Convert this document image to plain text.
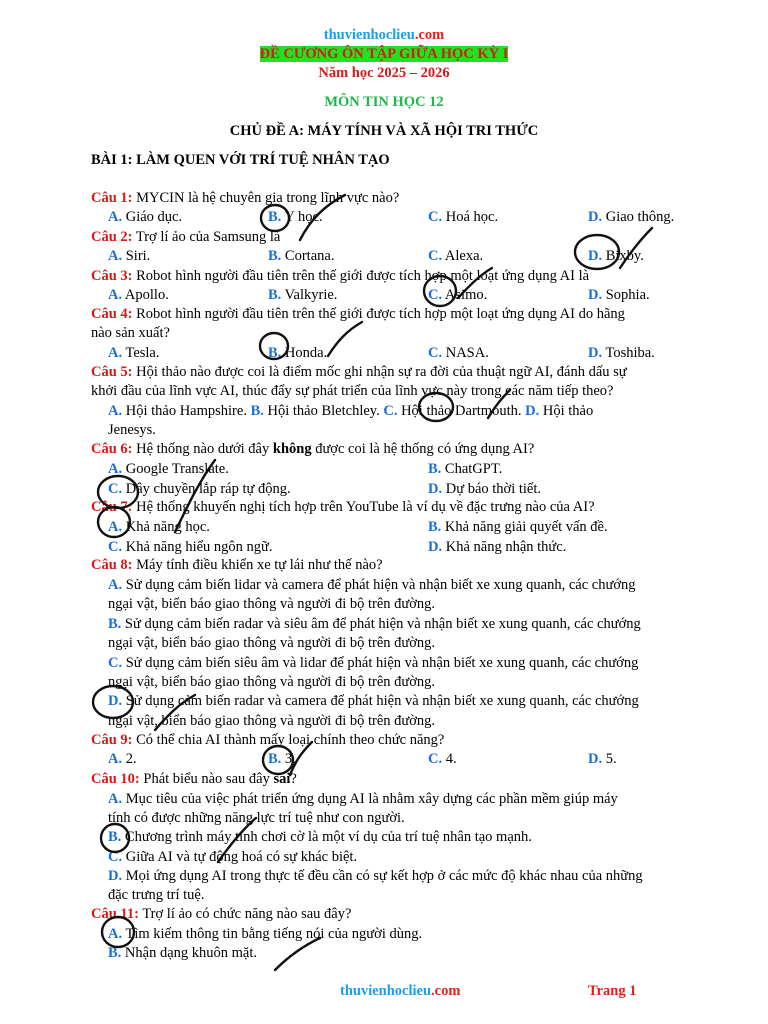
thuvienhoclieu.com
ĐỀ CƯƠNG ÔN TẬP GIỮA HỌC KỲ I
Năm học 2025 – 2026
MÔN TIN HỌC 12
CHỦ ĐỀ A: MÁY TÍNH VÀ XÃ HỘI TRI THỨC
BÀI 1: LÀM QUEN VỚI TRÍ TUỆ NHÂN TẠO
Câu 1: MYCIN là hệ chuyên gia trong lĩnh vực nào?
A. Giáo dục.	B. Y học.	C. Hoá học.	D. Giao thông.
Câu 2: Trợ lí ảo của Samsung là
A. Siri.	B. Cortana.	C. Alexa.	D. Bixby.
Câu 3: Robot hình người đầu tiên trên thế giới được tích hợp một loạt ứng dụng AI là
A. Apollo.	B. Valkyrie.	C. Asimo.	D. Sophia.
Câu 4: Robot hình người đầu tiên trên thế giới được tích hợp một loạt ứng dụng AI do hãng
nào sản xuất?
A. Tesla.	B. Honda.	C. NASA.	D. Toshiba.
Câu 5: Hội thảo nào được coi là điểm mốc ghi nhận sự ra đời của thuật ngữ AI, đánh dấu sự
khởi đầu của lĩnh vực AI, thúc đẩy sự phát triển của lĩnh vực này trong các năm tiếp theo?
A. Hội thảo Hampshire. B. Hội thảo Bletchley. C. Hội thảo Dartmouth. D. Hội thảo
Jenesys.
Câu 6: Hệ thống nào dưới đây không được coi là hệ thống có ứng dụng AI?
A. Google Translate.	B. ChatGPT.
C. Dây chuyền lắp ráp tự động.	D. Dự báo thời tiết.
Câu 7: Hệ thống khuyến nghị tích hợp trên YouTube là ví dụ về đặc trưng nào của AI?
A. Khả năng học.	B. Khả năng giải quyết vấn đề.
C. Khả năng hiểu ngôn ngữ.	D. Khả năng nhận thức.
Câu 8: Máy tính điều khiển xe tự lái như thế nào?
A. Sử dụng cảm biến lidar và camera để phát hiện và nhận biết xe xung quanh, các chướng
ngại vật, biển báo giao thông và người đi bộ trên đường.
B. Sử dụng cảm biến radar và siêu âm để phát hiện và nhận biết xe xung quanh, các chướng
ngại vật, biển báo giao thông và người đi bộ trên đường.
C. Sử dụng cảm biến siêu âm và lidar để phát hiện và nhận biết xe xung quanh, các chướng
ngại vật, biển báo giao thông và người đi bộ trên đường.
D. Sử dụng cảm biến radar và camera để phát hiện và nhận biết xe xung quanh, các chướng
ngại vật, biển báo giao thông và người đi bộ trên đường.
Câu 9: Có thể chia AI thành mấy loại chính theo chức năng?
A. 2.	B. 3.	C. 4.	D. 5.
Câu 10: Phát biểu nào sau đây sai?
A. Mục tiêu của việc phát triển ứng dụng AI là nhằm xây dựng các phần mềm giúp máy
tính có được những năng lực trí tuệ như con người.
B. Chương trình máy tính chơi cờ là một ví dụ của trí tuệ nhân tạo mạnh.
C. Giữa AI và tự động hoá có sự khác biệt.
D. Mọi ứng dụng AI trong thực tế đều cần có sự kết hợp ở các mức độ khác nhau của những
đặc trưng trí tuệ.
Câu 11: Trợ lí ảo có chức năng nào sau đây?
A. Tìm kiếm thông tin bằng tiếng nói của người dùng.
B. Nhận dạng khuôn mặt.
thuvienhoclieu.com	Trang 1
